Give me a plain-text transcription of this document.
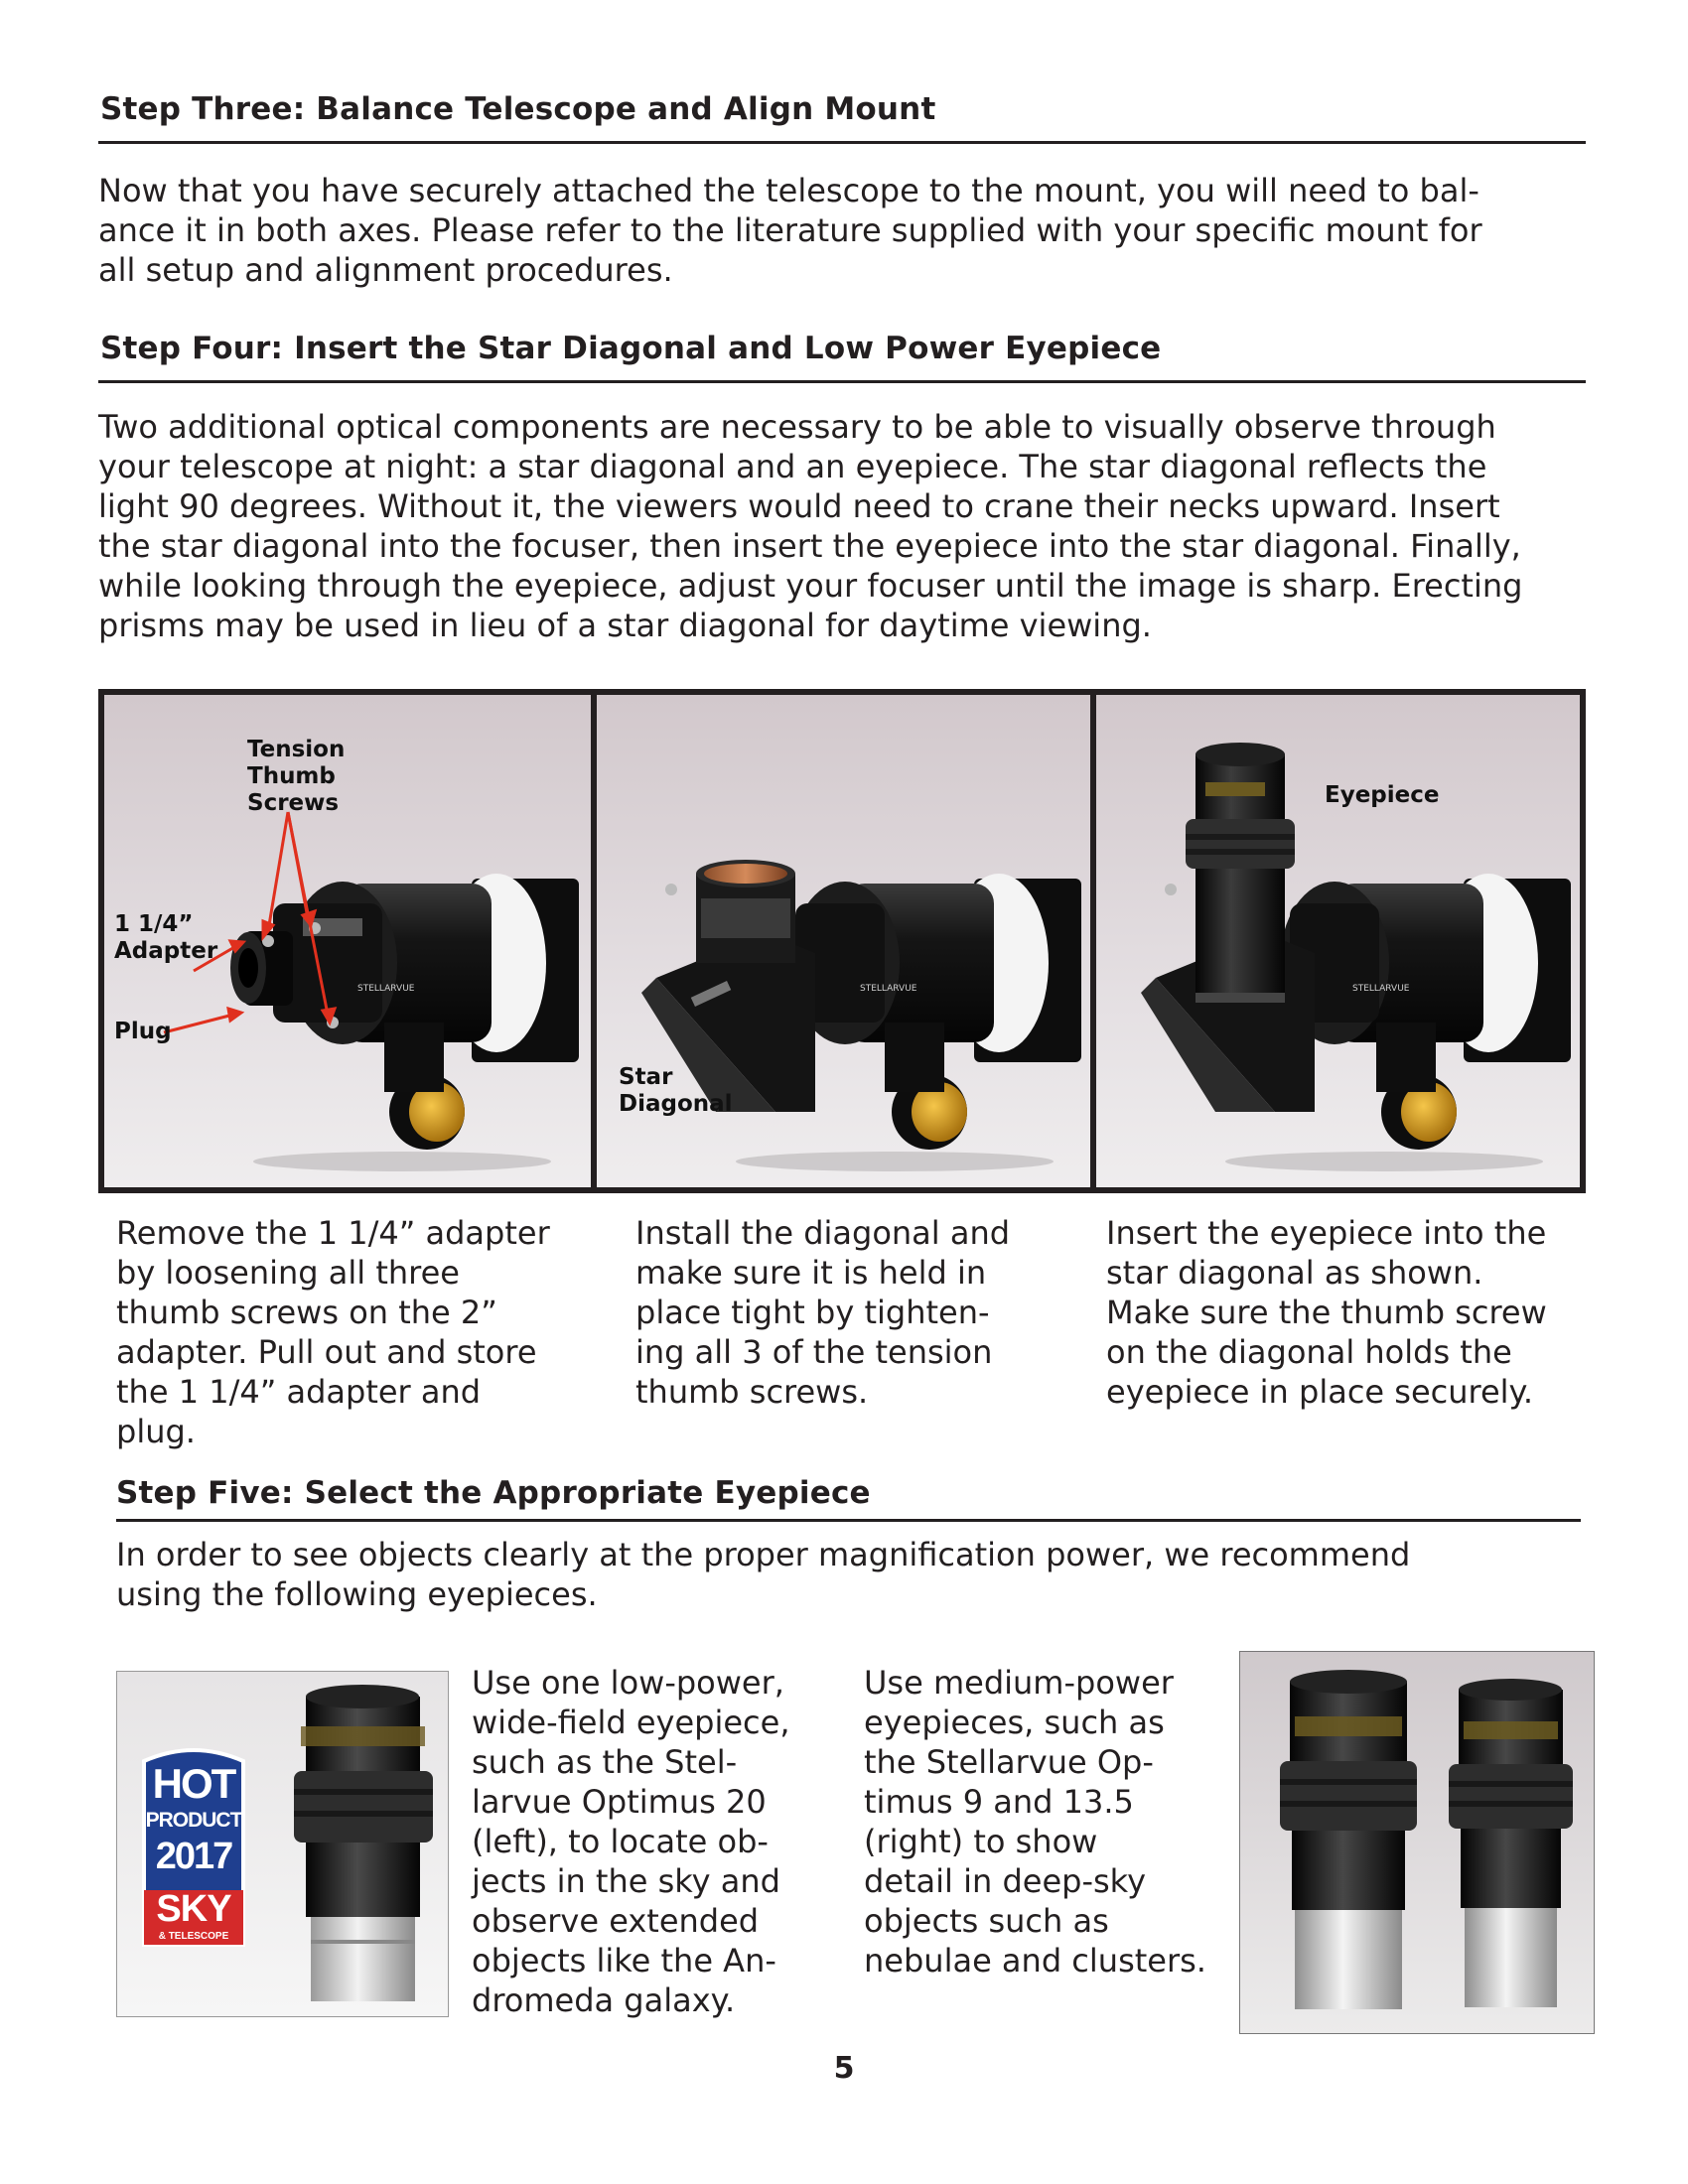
Step Three: Balance Telescope and Align Mount
Now that you have securely attached the telescope to the mount, you will need to bal-
ance it in both axes. Please refer to the literature supplied with your specific mount for
all setup and alignment procedures.
Step Four: Insert the Star Diagonal and Low Power Eyepiece
Two additional optical components are necessary to be able to visually observe through
your telescope at night: a star diagonal and an eyepiece. The star diagonal reflects the
light 90 degrees. Without it, the viewers would need to crane their necks upward. Insert
the star diagonal into the focuser, then insert the eyepiece into the star diagonal. Finally,
while looking through the eyepiece, adjust your focuser until the image is sharp. Erecting
prisms may be used in lieu of a star diagonal for daytime viewing.
STELLARVUE
Tension
Thumb
Screws
1 1/4”
Adapter
Plug
STELLARVUE
Star
Diagonal
STELLARVUE
Eyepiece
Remove the 1 1/4” adapter
by loosening all three
thumb screws on the 2”
adapter. Pull out and store
the 1 1/4” adapter and
plug.
Install the diagonal and
make sure it is held in
place tight by tighten-
ing all 3 of the tension
thumb screws.
Insert the eyepiece into the
star diagonal as shown.
Make sure the thumb screw
on the diagonal holds the
eyepiece in place securely.
Step Five: Select the Appropriate Eyepiece
In order to see objects clearly at the proper magnification power, we recommend
using the following eyepieces.
HOT
PRODUCT
2017
SKY
& TELESCOPE
Use one low-power,
wide-field eyepiece,
such as the Stel-
larvue Optimus 20
(left), to locate ob-
jects in the sky and
observe extended
objects like the An-
dromeda galaxy.
Use medium-power
eyepieces, such as
the Stellarvue Op-
timus 9 and 13.5
(right) to show
detail in deep-sky
objects such as
nebulae and clusters.
5
